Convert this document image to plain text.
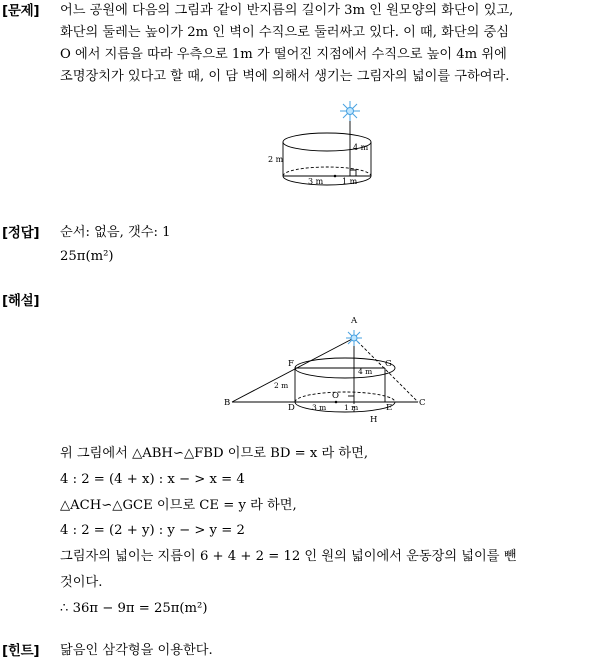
[문제] 어느 공원에 다음의 그림과 같이 반지름의 길이가 3m 인 원모양의 화단이 있고,
화단의 둘레는 높이가 2m 인 벽이 수직으로 둘러싸고 있다. 이 때, 화단의 중심
O 에서 지름을 따라 우측으로 1m 가 떨어진 지점에서 수직으로 높이 4m 위에
조명장치가 있다고 할 때, 이 담 벽에 의해서 생기는 그림자의 넓이를 구하여라.
2 m
4 m
3 m 1 m
[정답] 순서: 없음, 갯수: 1
25π(m²)
[해설]
A
B	C
D	E
F	G
H
O
2 m
4 m
3 m 1 m
위 그림에서 △ABH∽△FBD 이므로 BD = x 라 하면,
4 : 2 = (4 + x) : x − > x = 4
△ACH∽△GCE 이므로 CE = y 라 하면,
4 : 2 = (2 + y) : y − > y = 2
그림자의 넓이는 지름이 6 + 4 + 2 = 12 인 원의 넓이에서 운동장의 넓이를 뺀
것이다.
∴ 36π − 9π = 25π(m²)
[힌트] 닮음인 삼각형을 이용한다.
